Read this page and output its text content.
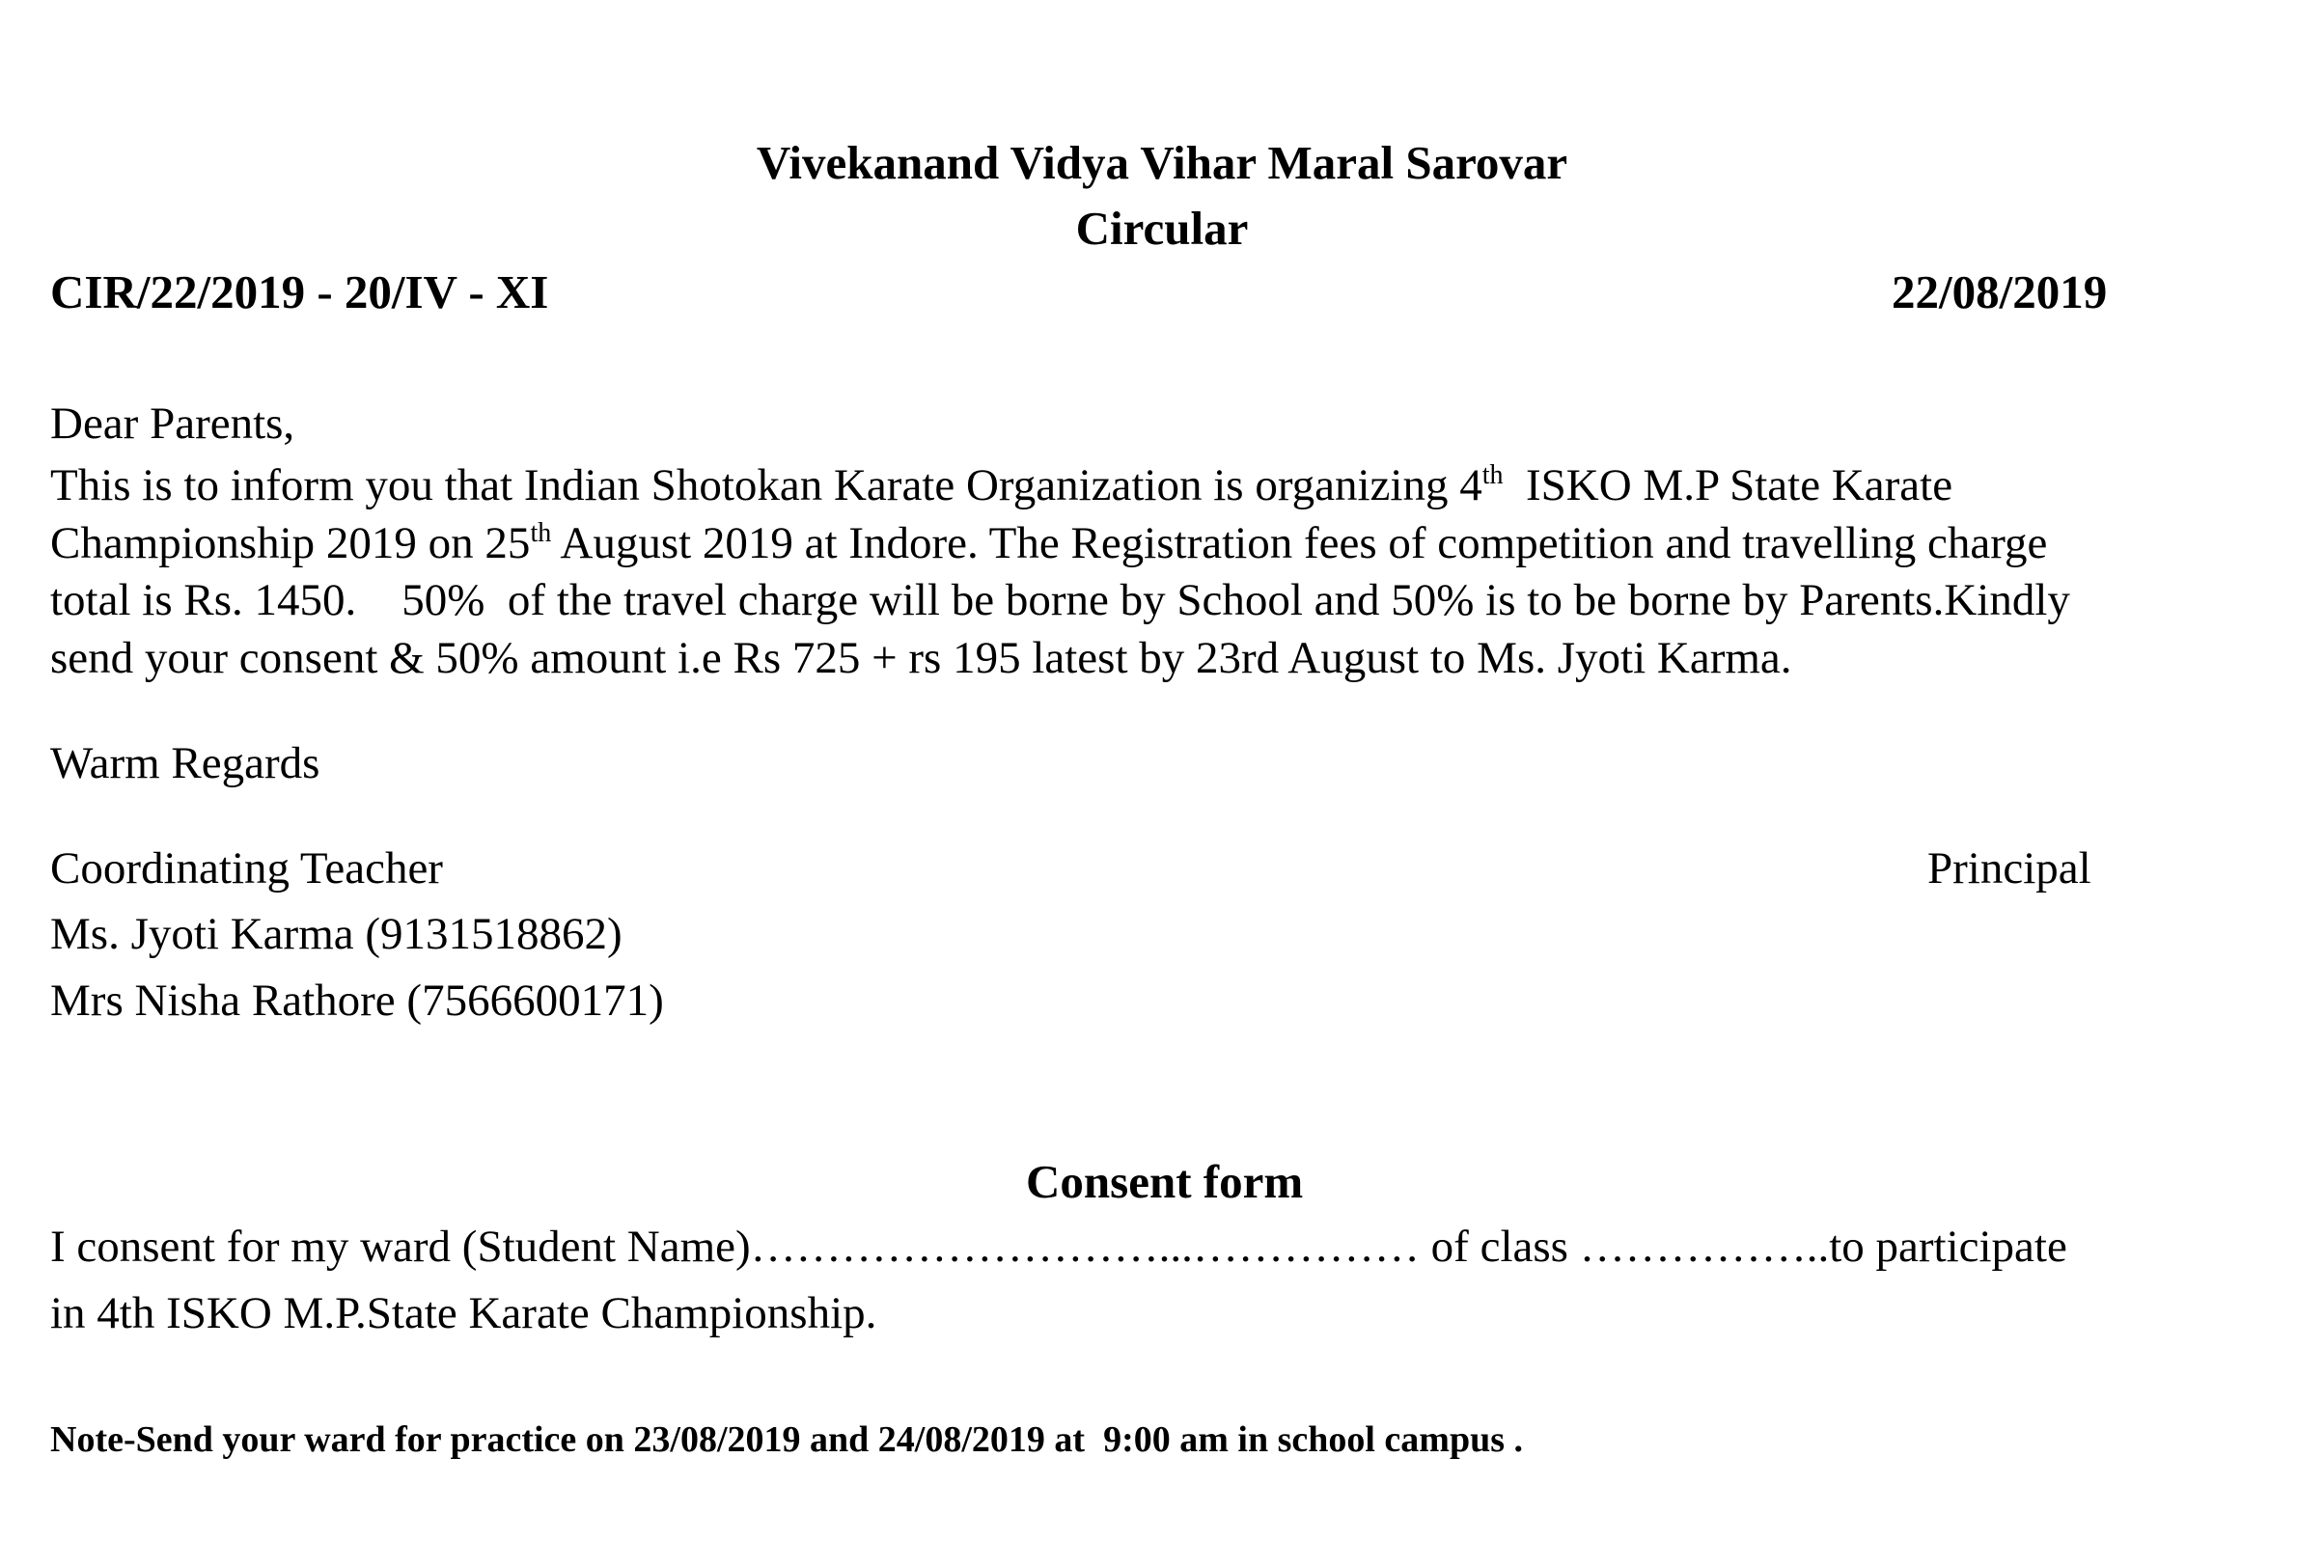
Vivekanand Vidya Vihar Maral Sarovar
Circular
CIR/22/2019 - 20/IV - XI	22/08/2019
Dear Parents,
This is to inform you that Indian Shotokan Karate Organization is organizing 4th  ISKO M.P State Karate
Championship 2019 on 25th August 2019 at Indore. The Registration fees of competition and travelling charge
total is Rs. 1450.    50%  of the travel charge will be borne by School and 50% is to be borne by Parents.Kindly
send your consent & 50% amount i.e Rs 725 + rs 195 latest by 23rd August to Ms. Jyoti Karma.
Warm Regards
Coordinating Teacher	Principal
Ms. Jyoti Karma (9131518862)
Mrs Nisha Rathore (7566600171)
Consent form
I consent for my ward (Student Name)………………………...…………… of class ……………..to participate
in 4th ISKO M.P.State Karate Championship.
Note-Send your ward for practice on 23/08/2019 and 24/08/2019 at  9:00 am in school campus .
